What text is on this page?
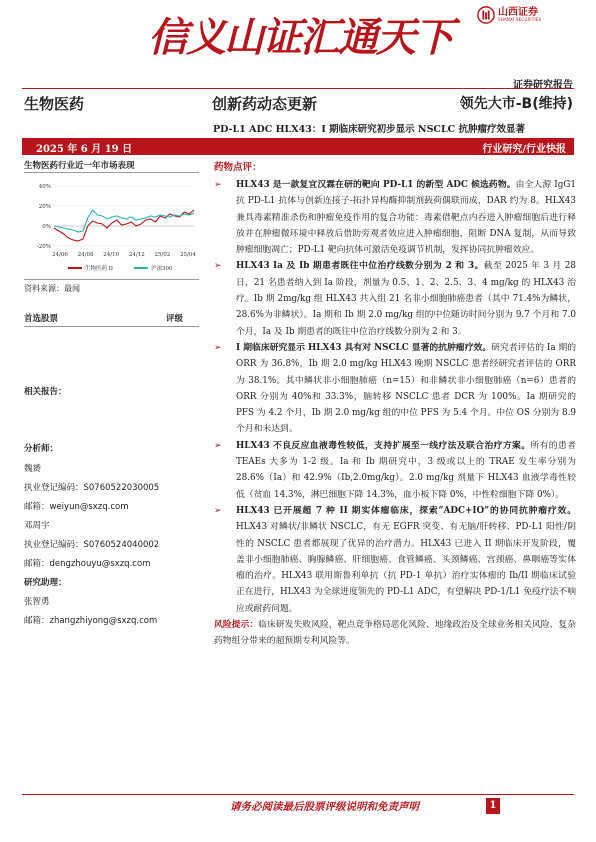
信义山证汇通天下
山西证券
SHANXI SECURITIES
证券研究报告
生物医药	创新药动态更新	领先大市-B(维持)
PD-L1 ADC HLX43：I 期临床研究初步显示 NSCLC 抗肿瘤疗效显著
2025 年 6 月 19 日	行业研究/行业快报
生物医药行业近一年市场表现
40%
20%
0%
-20%
24/06 24/08 24/10 24/12 25/02 25/04
生物医药 II	沪深300
资料来源：最闻
首选股票	评级
相关报告：
分析师：
魏赟
执业登记编码：S0760522030005
邮箱：weiyun@sxzq.com
邓周宇
执业登记编码：S0760524040002
邮箱：dengzhouyu@sxzq.com
研究助理：
张智勇
邮箱：zhangzhiyong@sxzq.com
药物点评：
➢ HLX43 是一款复宜汉霖在研的靶向 PD-L1 的新型 ADC 候选药物。由全人源 IgG1 抗 PD-L1 抗体与创新连接子-拓扑异构酶抑制剂载荷偶联而成，DAR 约为 8。HLX43 兼具毒素精准杀伤和肿瘤免疫作用的复合功能：毒素借靶点内吞进入肿瘤细胞后进行释放并在肿瘤微环境中释放后借助旁观者效应进入肿瘤细胞，阻断 DNA 复制，从而导致肿瘤细胞凋亡；PD-L1 靶向抗体可激活免疫调节机制，发挥协同抗肿瘤效应。

➢ HLX43 Ia 及 Ib 期患者既往中位治疗线数分别为 2 和 3。截至 2025 年 3 月 28 日，21 名患者纳入到 Ia 阶段，剂量为 0.5、1、2、2.5、3、4 mg/kg 的 HLX43 治疗。Ib 期 2mg/kg 组 HLX43 共入组 21 名非小细胞肺癌患者（其中 71.4%为鳞状，28.6%为非鳞状）。Ia 期和 Ib 期 2.0 mg/kg 组的中位随访时间分别为 9.7 个月和 7.0 个月，Ia 及 Ib 期患者的既往中位治疗线数分别为 2 和 3。

➢ I 期临床研究显示 HLX43 具有对 NSCLC 显著的抗肿瘤疗效。研究者评估的 Ia 期的 ORR 为 36.8%，Ib 期 2.0 mg/kg HLX43 晚期 NSCLC 患者经研究者评估的 ORR 为 38.1%。其中鳞状非小细胞肺癌（n=15）和非鳞状非小细胞肺癌（n=6）患者的 ORR 分别为 40%和 33.3%，脑转移 NSCLC 患者 DCR 为 100%。Ia 期研究的 PFS 为 4.2 个月，Ib 期 2.0 mg/kg 组的中位 PFS 为 5.4 个月。中位 OS 分别为 8.9 个月和未达到。

➢ HLX43 不良反应血液毒性较低，支持扩展至一线疗法及联合治疗方案。所有的患者 TEAEs 大多为 1-2 级。Ia 和 Ib 期研究中，3 级或以上的 TRAE 发生率分别为 28.6%（Ia）和 42.9%（Ib,2.0mg/kg）。2.0 mg/kg 剂量下 HLX43 血液学毒性较低（贫血 14.3%，淋巴细胞下降 14.3%，血小板下降 0%，中性粒细胞下降 0%）。

➢ HLX43 已开展超 7 种 II 期实体瘤临床，探索“ADC+IO”的协同抗肿瘤疗效。HLX43 对鳞状/非鳞状 NSCLC，有无 EGFR 突变、有无脑/肝转移、PD-L1 阳性/阴性的 NSCLC 患者都展现了优异的治疗潜力。HLX43 已进入 II 期临床开发阶段，覆盖非小细胞肺癌、胸腺鳞癌、肝细胞癌、食管鳞癌、头颈鳞癌、宫颈癌、鼻咽癌等实体瘤的治疗。HLX43 联用斯鲁利单抗（抗 PD-1 单抗）治疗实体瘤的 Ib/II 期临床试验正在进行，HLX43 为全球进度领先的 PD-L1 ADC，有望解决 PD-1/L1 免疫疗法不响应或耐药问题。

风险提示：临床研发失败风险，靶点竞争格局恶化风险、地缘政治及全球业务相关风险、复杂药物组分带来的超预期专利风险等。

请务必阅读最后股票评级说明和免责声明	1
